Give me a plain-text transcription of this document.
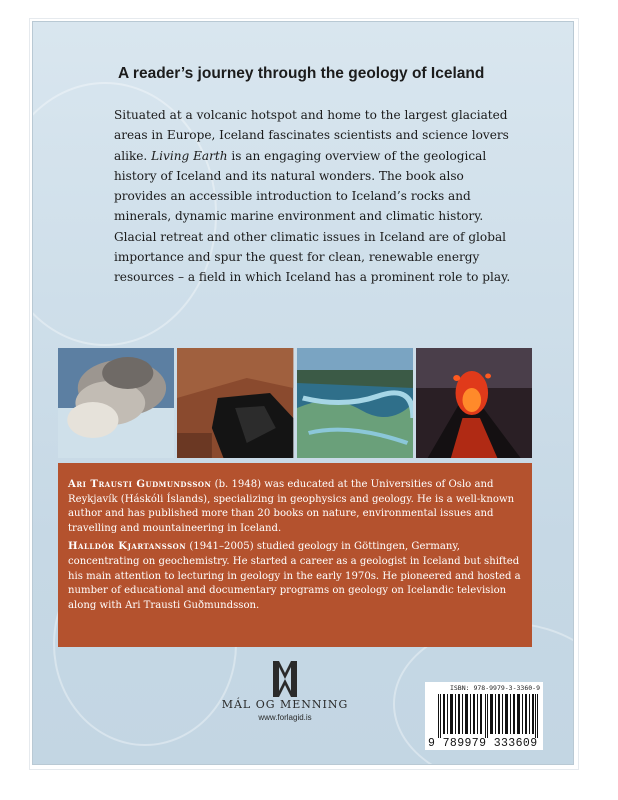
A reader’s journey through the geology of Iceland

Situated at a volcanic hotspot and home to the largest glaciated areas in Europe, Iceland fascinates scientists and science lovers alike. Living Earth is an engaging overview of the geological history of Iceland and its natural wonders. The book also provides an accessible introduction to Iceland’s rocks and minerals, dynamic marine environment and climatic history. Glacial retreat and other climatic issues in Iceland are of global importance and spur the quest for clean, renewable energy resources – a field in which Iceland has a prominent role to play.

Ari Trausti Gudmundsson (b. 1948) was educated at the Universities of Oslo and Reykjavík (Háskóli Íslands), specializing in geophysics and geology. He is a well-known author and has published more than 20 books on nature, environmental issues and travelling and mountaineering in Iceland.

Halldór Kjartansson (1941–2005) studied geology in Göttingen, Germany, concentrating on geochemistry. He started a career as a geologist in Iceland but shifted his main attention to lecturing in geology in the early 1970s. He pioneered and hosted a number of educational and documentary programs on geology on Icelandic television along with Ari Trausti Guðmundsson.

MÁL OG MENNING
www.forlagid.is
ISBN: 978-9979-3-3360-9
9 789979 333609
